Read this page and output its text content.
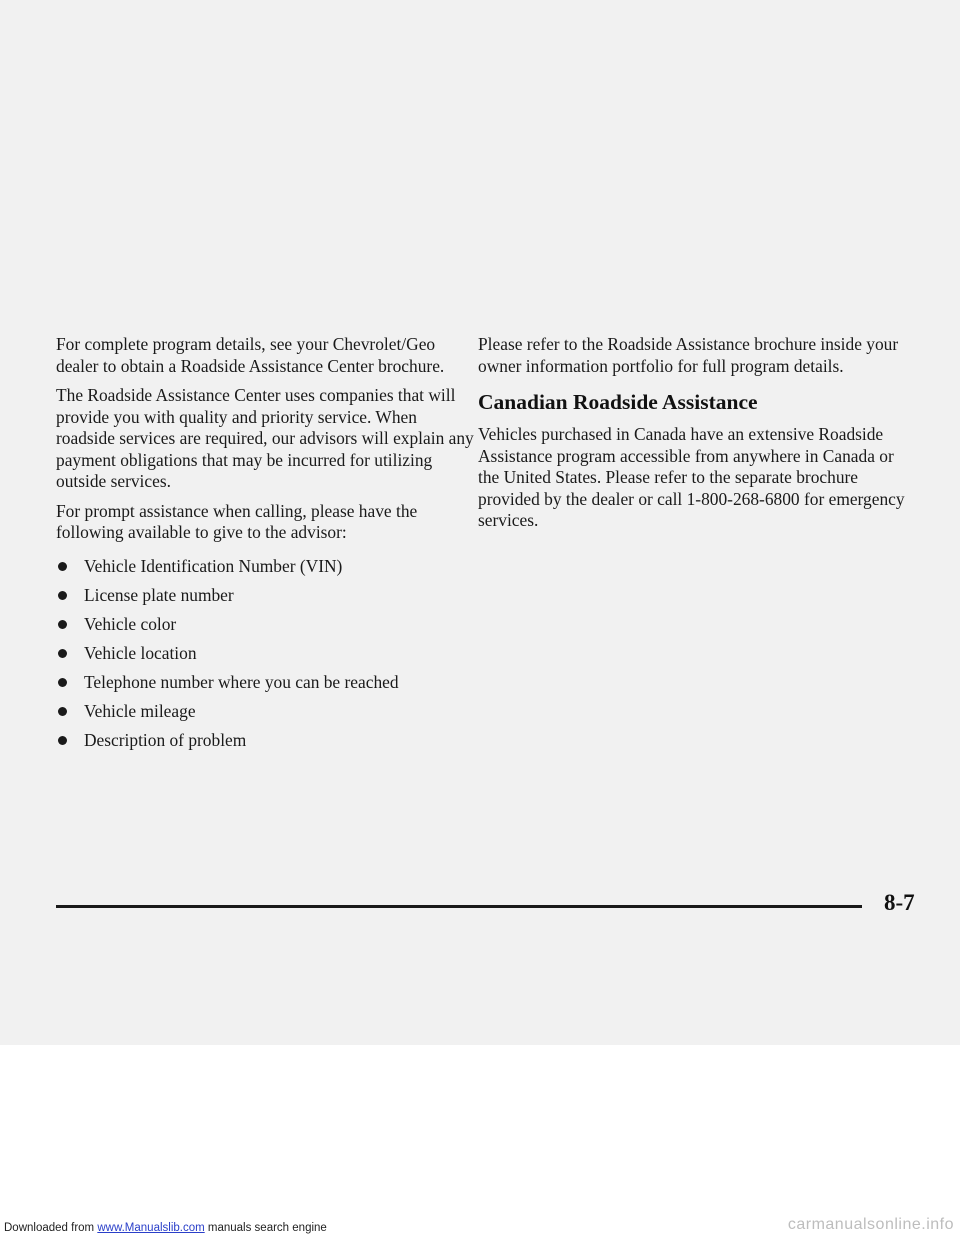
For complete program details, see your Chevrolet/Geo dealer to obtain a Roadside Assistance Center brochure.

The Roadside Assistance Center uses companies that will provide you with quality and priority service. When roadside services are required, our advisors will explain any payment obligations that may be incurred for utilizing outside services.

For prompt assistance when calling, please have the following available to give to the advisor:

Vehicle Identification Number (VIN)
License plate number
Vehicle color
Vehicle location
Telephone number where you can be reached
Vehicle mileage
Description of problem

Please refer to the Roadside Assistance brochure inside your owner information portfolio for full program details.

Canadian Roadside Assistance

Vehicles purchased in Canada have an extensive Roadside Assistance program accessible from anywhere in Canada or the United States. Please refer to the separate brochure provided by the dealer or call 1-800-268-6800 for emergency services.

8-7
Downloaded from www.Manualslib.com manuals search engine	carmanualsonline.info
